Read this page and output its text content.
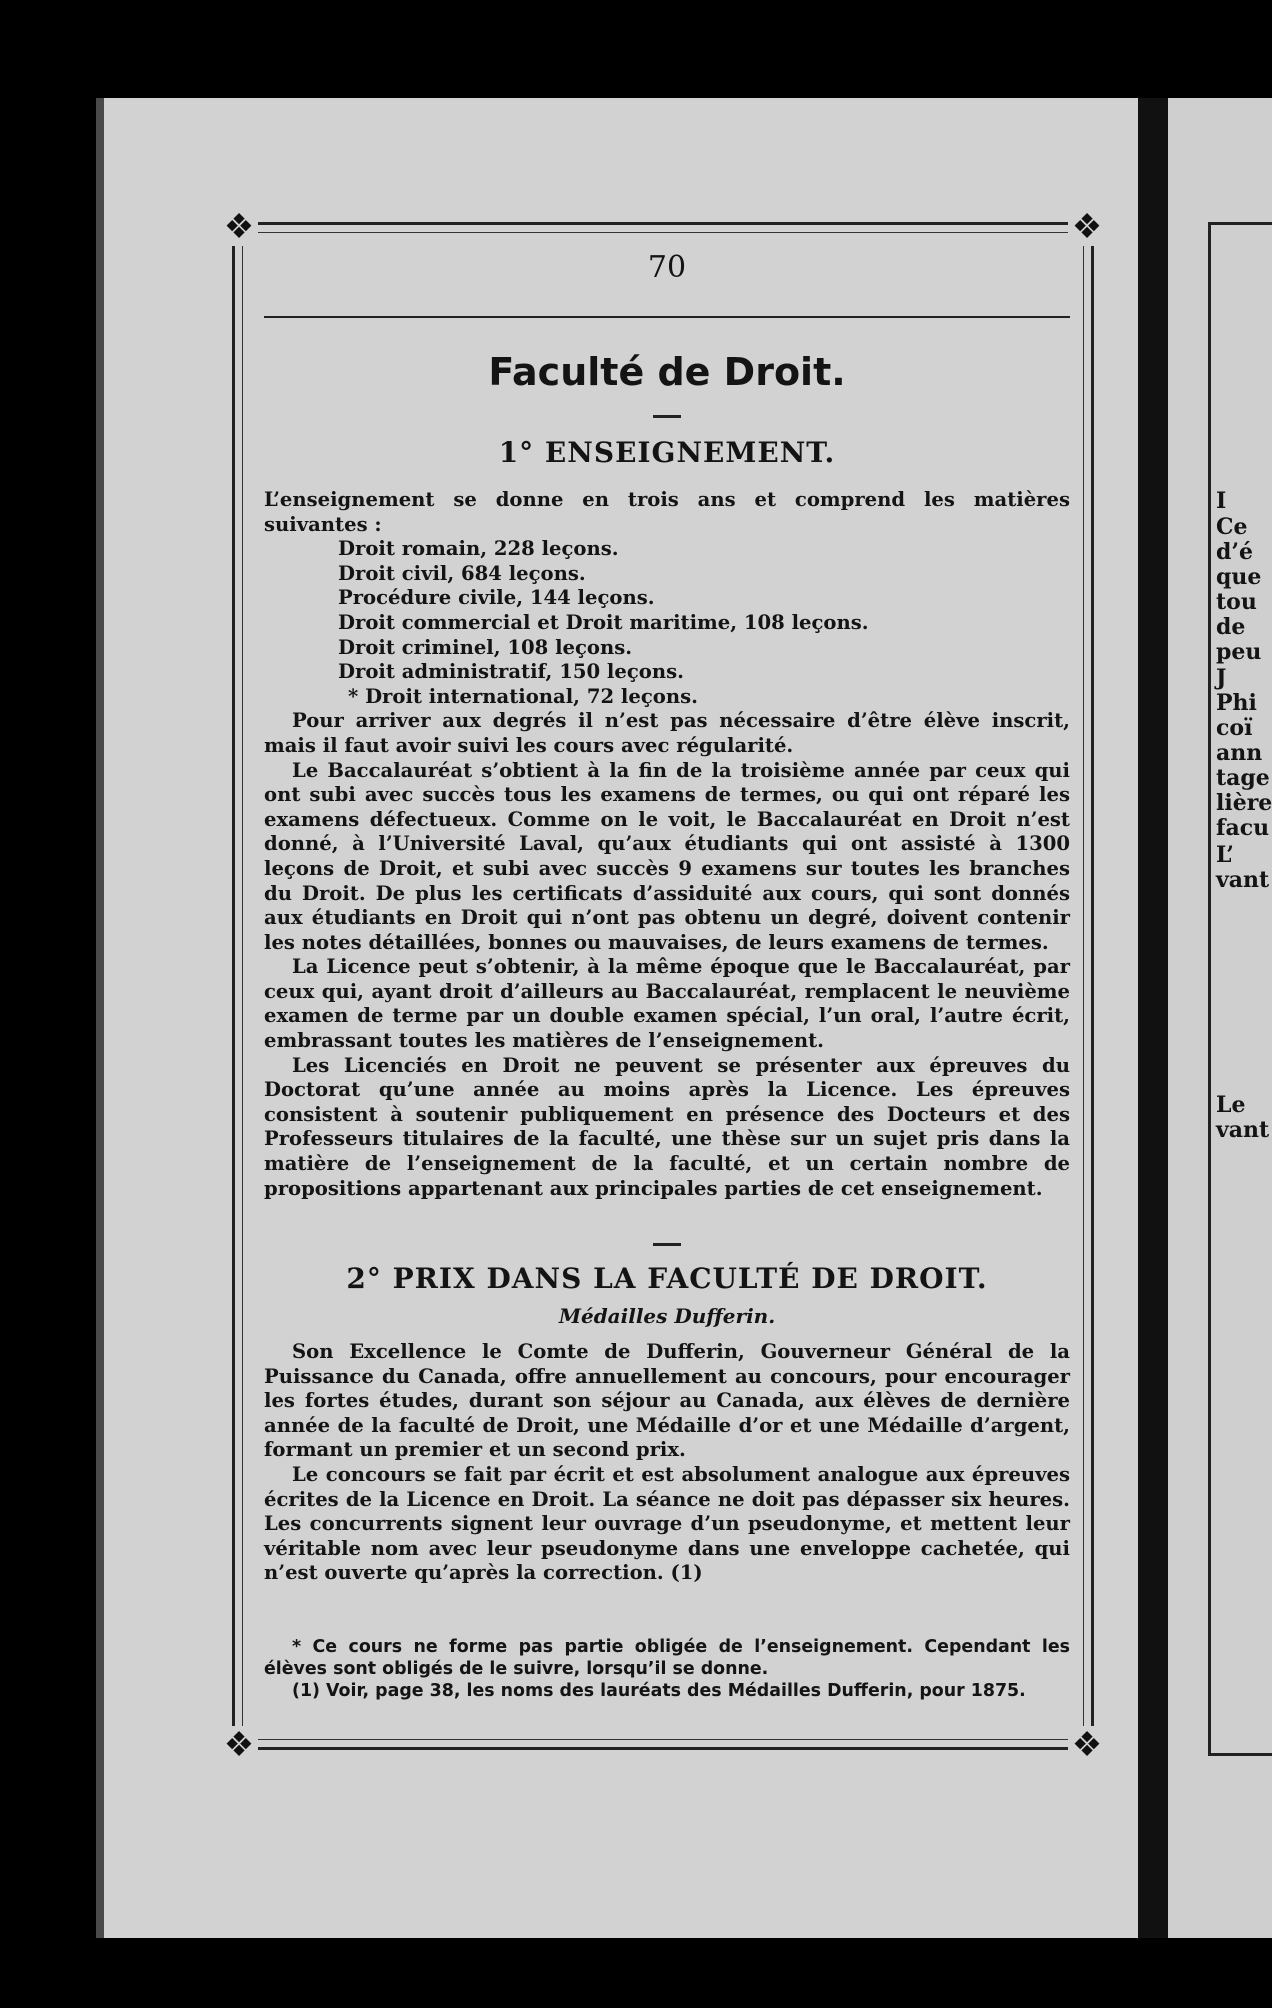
❖	❖
❖	❖
70
Faculté de Droit.
1° ENSEIGNEMENT.

L’enseignement se donne en trois ans et comprend les matières suivantes :

Droit romain, 228 leçons.

Droit civil, 684 leçons.

Procédure civile, 144 leçons.

Droit commercial et Droit maritime, 108 leçons.

Droit criminel, 108 leçons.

Droit administratif, 150 leçons.

* Droit international, 72 leçons.

Pour arriver aux degrés il n’est pas nécessaire d’être élève inscrit, mais il faut avoir suivi les cours avec régularité.

Le Baccalauréat s’obtient à la fin de la troisième année par ceux qui ont subi avec succès tous les examens de termes, ou qui ont réparé les examens défectueux. Comme on le voit, le Baccalauréat en Droit n’est donné, à l’Université Laval, qu’aux étudiants qui ont assisté à 1300 leçons de Droit, et subi avec succès 9 examens sur toutes les branches du Droit. De plus les certificats d’assiduité aux cours, qui sont donnés aux étudiants en Droit qui n’ont pas obtenu un degré, doivent contenir les notes détaillées, bonnes ou mauvaises, de leurs examens de termes.

La Licence peut s’obtenir, à la même époque que le Baccalauréat, par ceux qui, ayant droit d’ailleurs au Baccalauréat, remplacent le neuvième examen de terme par un double examen spécial, l’un oral, l’autre écrit, embrassant toutes les matières de l’enseignement.

Les Licenciés en Droit ne peuvent se présenter aux épreuves du Doctorat qu’une année au moins après la Licence. Les épreuves consistent à soutenir publiquement en présence des Docteurs et des Professeurs titulaires de la faculté, une thèse sur un sujet pris dans la matière de l’enseignement de la faculté, et un certain nombre de propositions appartenant aux principales parties de cet enseignement.

2° PRIX DANS LA FACULTÉ DE DROIT.
Médailles Dufferin.

Son Excellence le Comte de Dufferin, Gouverneur Général de la Puissance du Canada, offre annuellement au concours, pour encourager les fortes études, durant son séjour au Canada, aux élèves de dernière année de la faculté de Droit, une Médaille d’or et une Médaille d’argent, formant un premier et un second prix.

Le concours se fait par écrit et est absolument analogue aux épreuves écrites de la Licence en Droit. La séance ne doit pas dépasser six heures. Les concurrents signent leur ouvrage d’un pseudonyme, et mettent leur véritable nom avec leur pseudonyme dans une enveloppe cachetée, qui n’est ouverte qu’après la correction. (1)

* Ce cours ne forme pas partie obligée de l’enseignement. Cependant les élèves sont obligés de le suivre, lorsqu’il se donne.

(1) Voir, page 38, les noms des lauréats des Médailles Dufferin, pour 1875.

I
Ce
d’é
que
tou
de
peu
J
Phi
coï
ann
tage
lière
facu
L’
vant
Le
vant
